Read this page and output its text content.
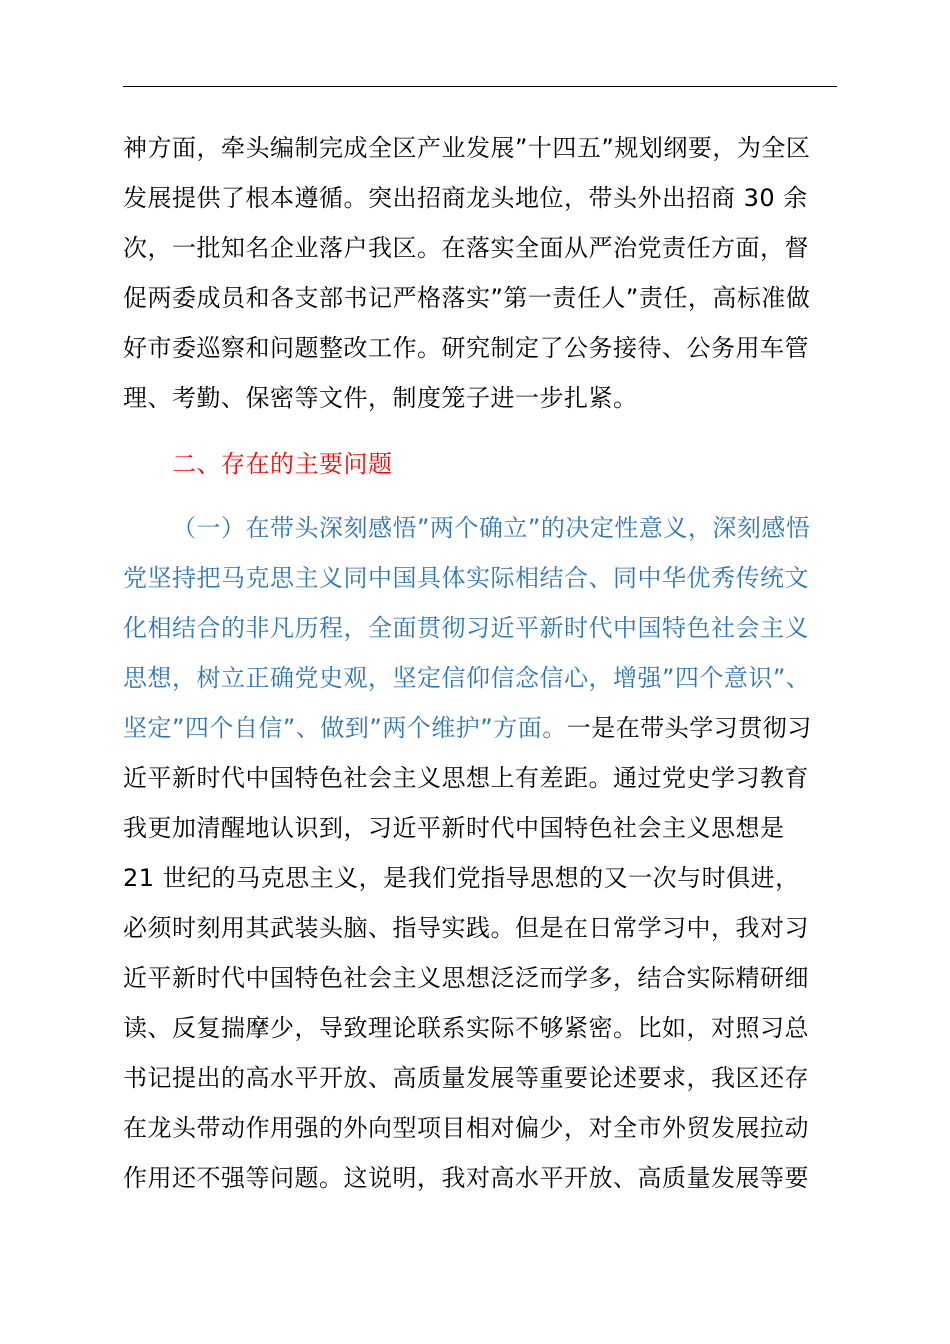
神方面，牵头编制完成全区产业发展”十四五”规划纲要，为全区
发展提供了根本遵循。突出招商龙头地位，带头外出招商 30 余
次，一批知名企业落户我区。在落实全面从严治党责任方面，督
促两委成员和各支部书记严格落实”第一责任人”责任，高标准做
好市委巡察和问题整改工作。研究制定了公务接待、公务用车管
理、考勤、保密等文件，制度笼子进一步扎紧。
二、存在的主要问题
（一）在带头深刻感悟”两个确立”的决定性意义，深刻感悟
党坚持把马克思主义同中国具体实际相结合、同中华优秀传统文
化相结合的非凡历程，全面贯彻习近平新时代中国特色社会主义
思想，树立正确党史观，坚定信仰信念信心，增强”四个意识”、
坚定”四个自信”、做到”两个维护”方面。一是在带头学习贯彻习
近平新时代中国特色社会主义思想上有差距。通过党史学习教育
我更加清醒地认识到，习近平新时代中国特色社会主义思想是
21 世纪的马克思主义，是我们党指导思想的又一次与时俱进，
必须时刻用其武装头脑、指导实践。但是在日常学习中，我对习
近平新时代中国特色社会主义思想泛泛而学多，结合实际精研细
读、反复揣摩少，导致理论联系实际不够紧密。比如，对照习总
书记提出的高水平开放、高质量发展等重要论述要求，我区还存
在龙头带动作用强的外向型项目相对偏少，对全市外贸发展拉动
作用还不强等问题。这说明，我对高水平开放、高质量发展等要
